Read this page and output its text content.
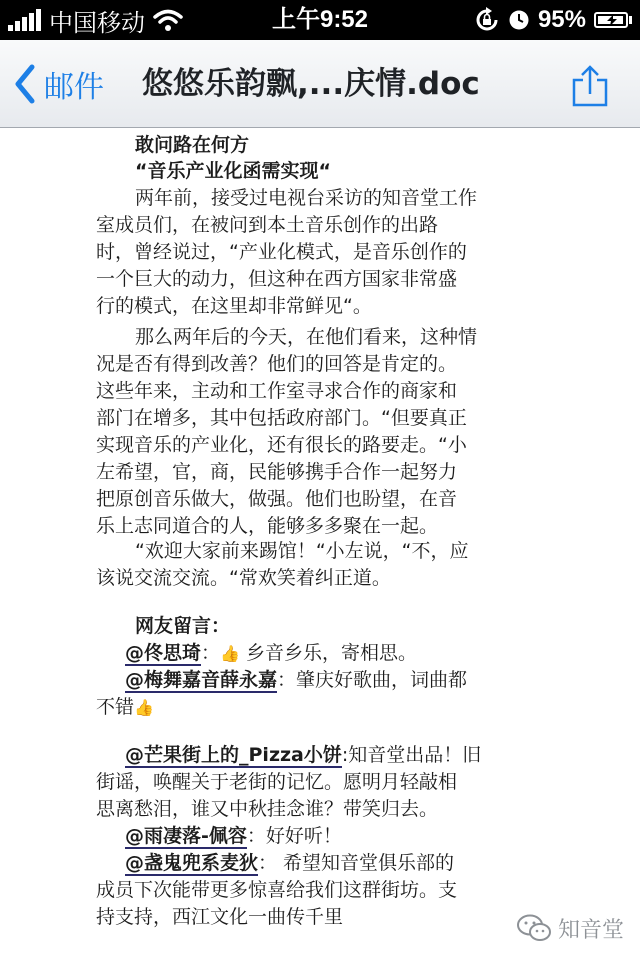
中国移动	上午9:52	95%
邮件 悠悠乐韵飘,...庆情.doc
敢问路在何方
“音乐产业化函需实现“
两年前，接受过电视台采访的知音堂工作
室成员们，在被问到本土音乐创作的出路
时，曾经说过，“产业化模式，是音乐创作的
一个巨大的动力，但这种在西方国家非常盛
行的模式，在这里却非常鲜见“。
那么两年后的今天，在他们看来，这种情
况是否有得到改善？他们的回答是肯定的。
这些年来，主动和工作室寻求合作的商家和
部门在增多，其中包括政府部门。“但要真正
实现音乐的产业化，还有很长的路要走。“小
左希望，官，商，民能够携手合作一起努力
把原创音乐做大，做强。他们也盼望，在音
乐上志同道合的人，能够多多聚在一起。
“欢迎大家前来踢馆！“小左说，“不，应
该说交流交流。“常欢笑着纠正道。
网友留言：
@佟思琦：👍 乡音乡乐，寄相思。
@梅舞嘉音薛永嘉：肇庆好歌曲，词曲都
不错👍
@芒果街上的_Pizza小饼:知音堂出品！旧
街谣，唤醒关于老街的记忆。愿明月轻敲相
思离愁泪，谁又中秋挂念谁？带笑归去。
@雨凄落-佩容：好好听！
@盏鬼兜系麦狄： 希望知音堂俱乐部的
成员下次能带更多惊喜给我们这群街坊。支
持支持，西江文化一曲传千里
知音堂
